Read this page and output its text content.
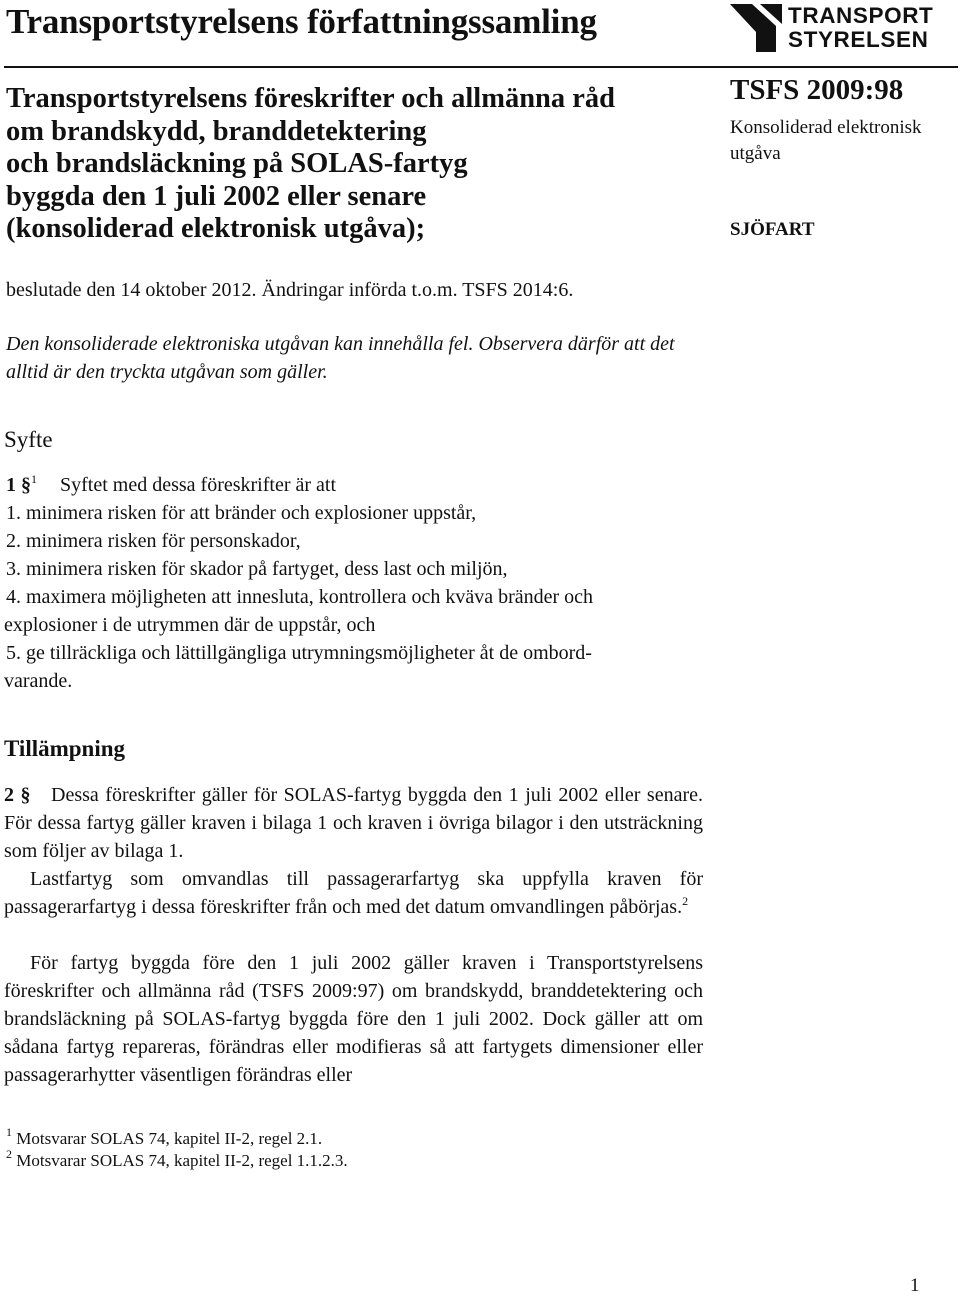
Transportstyrelsens författningssamling	TRANSPORT
STYRELSEN
Transportstyrelsens föreskrifter och allmänna råd
om brandskydd, branddetektering
och brandsläckning på SOLAS-fartyg
byggda den 1 juli 2002 eller senare
(konsoliderad elektronisk utgåva);
TSFS 2009:98
Konsoliderad elektronisk utgåva
SJÖFART
beslutade den 14 oktober 2012. Ändringar införda t.o.m. TSFS 2014:6.
Den konsoliderade elektroniska utgåvan kan innehålla fel. Observera därför att det alltid är den tryckta utgåvan som gäller.
Syfte
1 §$^1$ Syftet med dessa föreskrifter är att
1. minimera risken för att bränder och explosioner uppstår,
2. minimera risken för personskador,
3. minimera risken för skador på fartyget, dess last och miljön,
4. maximera möjligheten att innesluta, kontrollera och kväva bränder och
explosioner i de utrymmen där de uppstår, och
5. ge tillräckliga och lättillgängliga utrymningsmöjligheter åt de ombord-
varande.
Tillämpning
2 § Dessa föreskrifter gäller för SOLAS-fartyg byggda den 1 juli 2002 eller senare. För dessa fartyg gäller kraven i bilaga 1 och kraven i övriga bilagor i den utsträckning som följer av bilaga 1.
Lastfartyg som omvandlas till passagerarfartyg ska uppfylla kraven för passagerarfartyg i dessa föreskrifter från och med det datum omvandlingen påbörjas.$^2$
För fartyg byggda före den 1 juli 2002 gäller kraven i Transportstyrelsens föreskrifter och allmänna råd (TSFS 2009:97) om brandskydd, branddetektering och brandsläckning på SOLAS-fartyg byggda före den 1 juli 2002. Dock gäller att om sådana fartyg repareras, förändras eller modifieras så att fartygets dimensioner eller passagerarhytter väsentligen förändras eller
$^1$ Motsvarar SOLAS 74, kapitel II-2, regel 2.1.
$^2$ Motsvarar SOLAS 74, kapitel II-2, regel 1.1.2.3.
1
